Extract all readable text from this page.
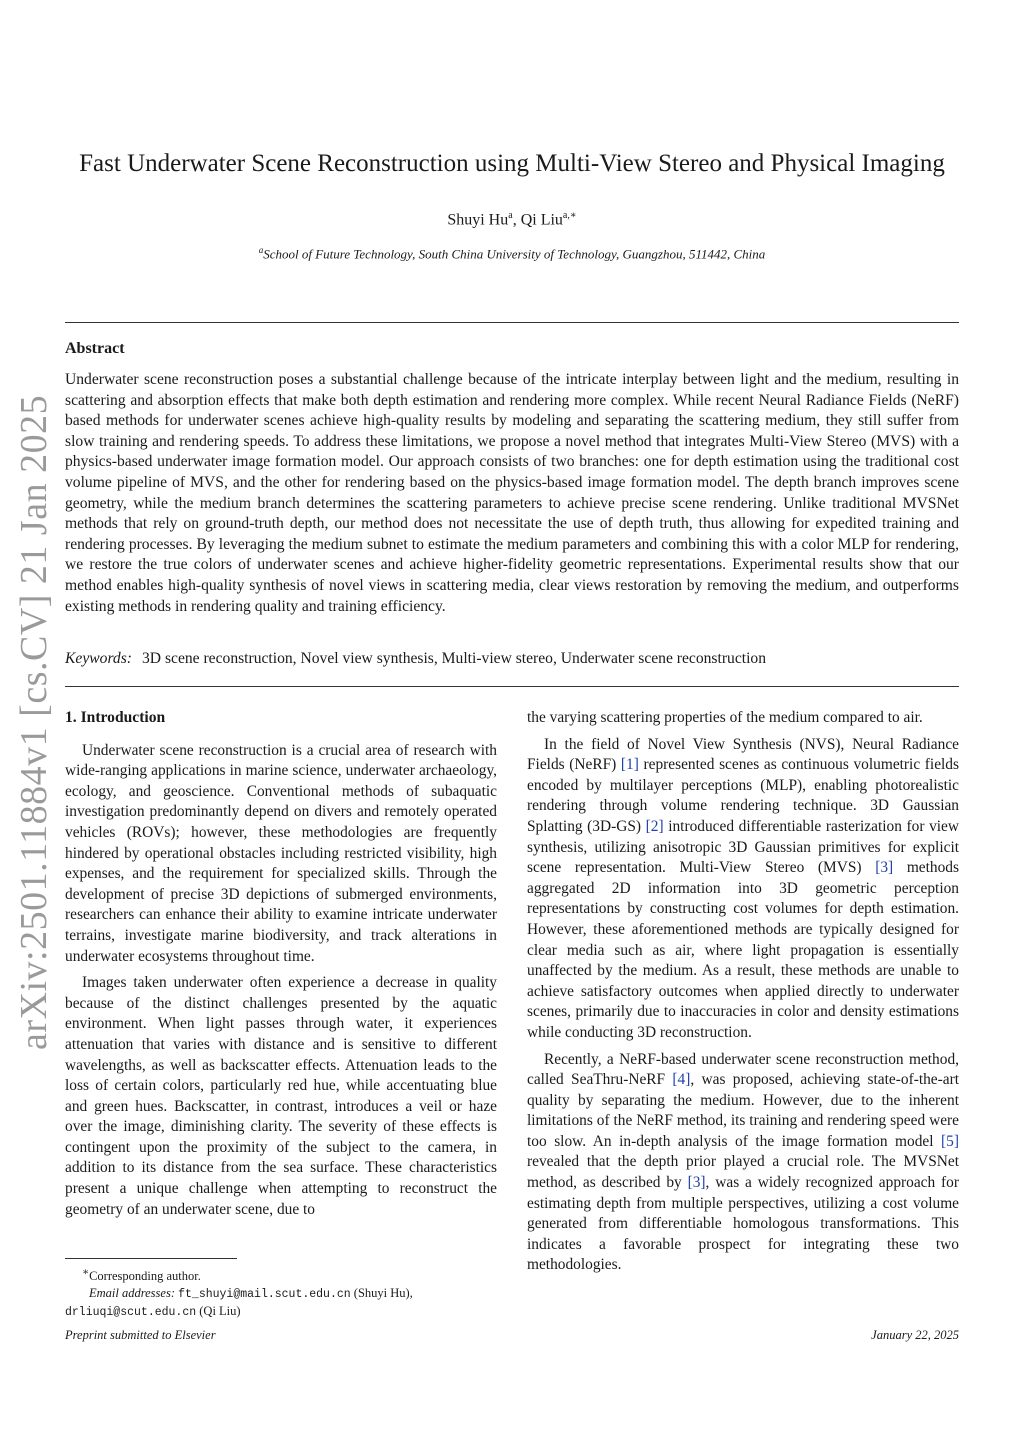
arXiv:2501.11884v1 [cs.CV] 21 Jan 2025
Fast Underwater Scene Reconstruction using Multi-View Stereo and Physical Imaging
Shuyi Hu$^a$, Qi Liu$^{a,∗}$
$^a$School of Future Technology, South China University of Technology, Guangzhou, 511442, China
Abstract
Underwater scene reconstruction poses a substantial challenge because of the intricate interplay between light and the medium, resulting in scattering and absorption effects that make both depth estimation and rendering more complex. While recent Neural Radiance Fields (NeRF) based methods for underwater scenes achieve high-quality results by modeling and separating the scattering medium, they still suffer from slow training and rendering speeds. To address these limitations, we propose a novel method that integrates Multi-View Stereo (MVS) with a physics-based underwater image formation model. Our approach consists of two branches: one for depth estimation using the traditional cost volume pipeline of MVS, and the other for rendering based on the physics-based image formation model. The depth branch improves scene geometry, while the medium branch determines the scattering parameters to achieve precise scene rendering. Unlike traditional MVSNet methods that rely on ground-truth depth, our method does not necessitate the use of depth truth, thus allowing for expedited training and rendering processes. By leveraging the medium subnet to estimate the medium parameters and combining this with a color MLP for rendering, we restore the true colors of underwater scenes and achieve higher-fidelity geometric representations. Experimental results show that our method enables high-quality synthesis of novel views in scattering media, clear views restoration by removing the medium, and outperforms existing methods in rendering quality and training efficiency.
Keywords: 3D scene reconstruction, Novel view synthesis, Multi-view stereo, Underwater scene reconstruction
1. Introduction

Underwater scene reconstruction is a crucial area of research with wide-ranging applications in marine science, underwater archaeology, ecology, and geoscience. Conventional methods of subaquatic investigation predominantly depend on divers and remotely operated vehicles (ROVs); however, these methodologies are frequently hindered by operational obstacles including restricted visibility, high expenses, and the requirement for specialized skills. Through the development of precise 3D depictions of submerged environments, researchers can enhance their ability to examine intricate underwater terrains, investigate marine biodiversity, and track alterations in underwater ecosystems throughout time.

Images taken underwater often experience a decrease in quality because of the distinct challenges presented by the aquatic environment. When light passes through water, it experiences attenuation that varies with distance and is sensitive to different wavelengths, as well as backscatter effects. Attenuation leads to the loss of certain colors, particularly red hue, while accentuating blue and green hues. Backscatter, in contrast, introduces a veil or haze over the image, diminishing clarity. The severity of these effects is contingent upon the proximity of the subject to the camera, in addition to its distance from the sea surface. These characteristics present a unique challenge when attempting to reconstruct the geometry of an underwater scene, due to

the varying scattering properties of the medium compared to air.

In the field of Novel View Synthesis (NVS), Neural Radiance Fields (NeRF) [1] represented scenes as continuous volumetric fields encoded by multilayer perceptions (MLP), enabling photorealistic rendering through volume rendering technique. 3D Gaussian Splatting (3D-GS) [2] introduced differentiable rasterization for view synthesis, utilizing anisotropic 3D Gaussian primitives for explicit scene representation. Multi-View Stereo (MVS) [3] methods aggregated 2D information into 3D geometric perception representations by constructing cost volumes for depth estimation. However, these aforementioned methods are typically designed for clear media such as air, where light propagation is essentially unaffected by the medium. As a result, these methods are unable to achieve satisfactory outcomes when applied directly to underwater scenes, primarily due to inaccuracies in color and density estimations while conducting 3D reconstruction.

Recently, a NeRF-based underwater scene reconstruction method, called SeaThru-NeRF [4], was proposed, achieving state-of-the-art quality by separating the medium. However, due to the inherent limitations of the NeRF method, its training and rendering speed were too slow. An in-depth analysis of the image formation model [5] revealed that the depth prior played a crucial role. The MVSNet method, as described by [3], was a widely recognized approach for estimating depth from multiple perspectives, utilizing a cost volume generated from differentiable homologous transformations. This indicates a favorable prospect for integrating these two methodologies.

∗Corresponding author.
Email addresses: ft_shuyi@mail.scut.edu.cn (Shuyi Hu),
drliuqi@scut.edu.cn (Qi Liu)
Preprint submitted to Elsevier	January 22, 2025
